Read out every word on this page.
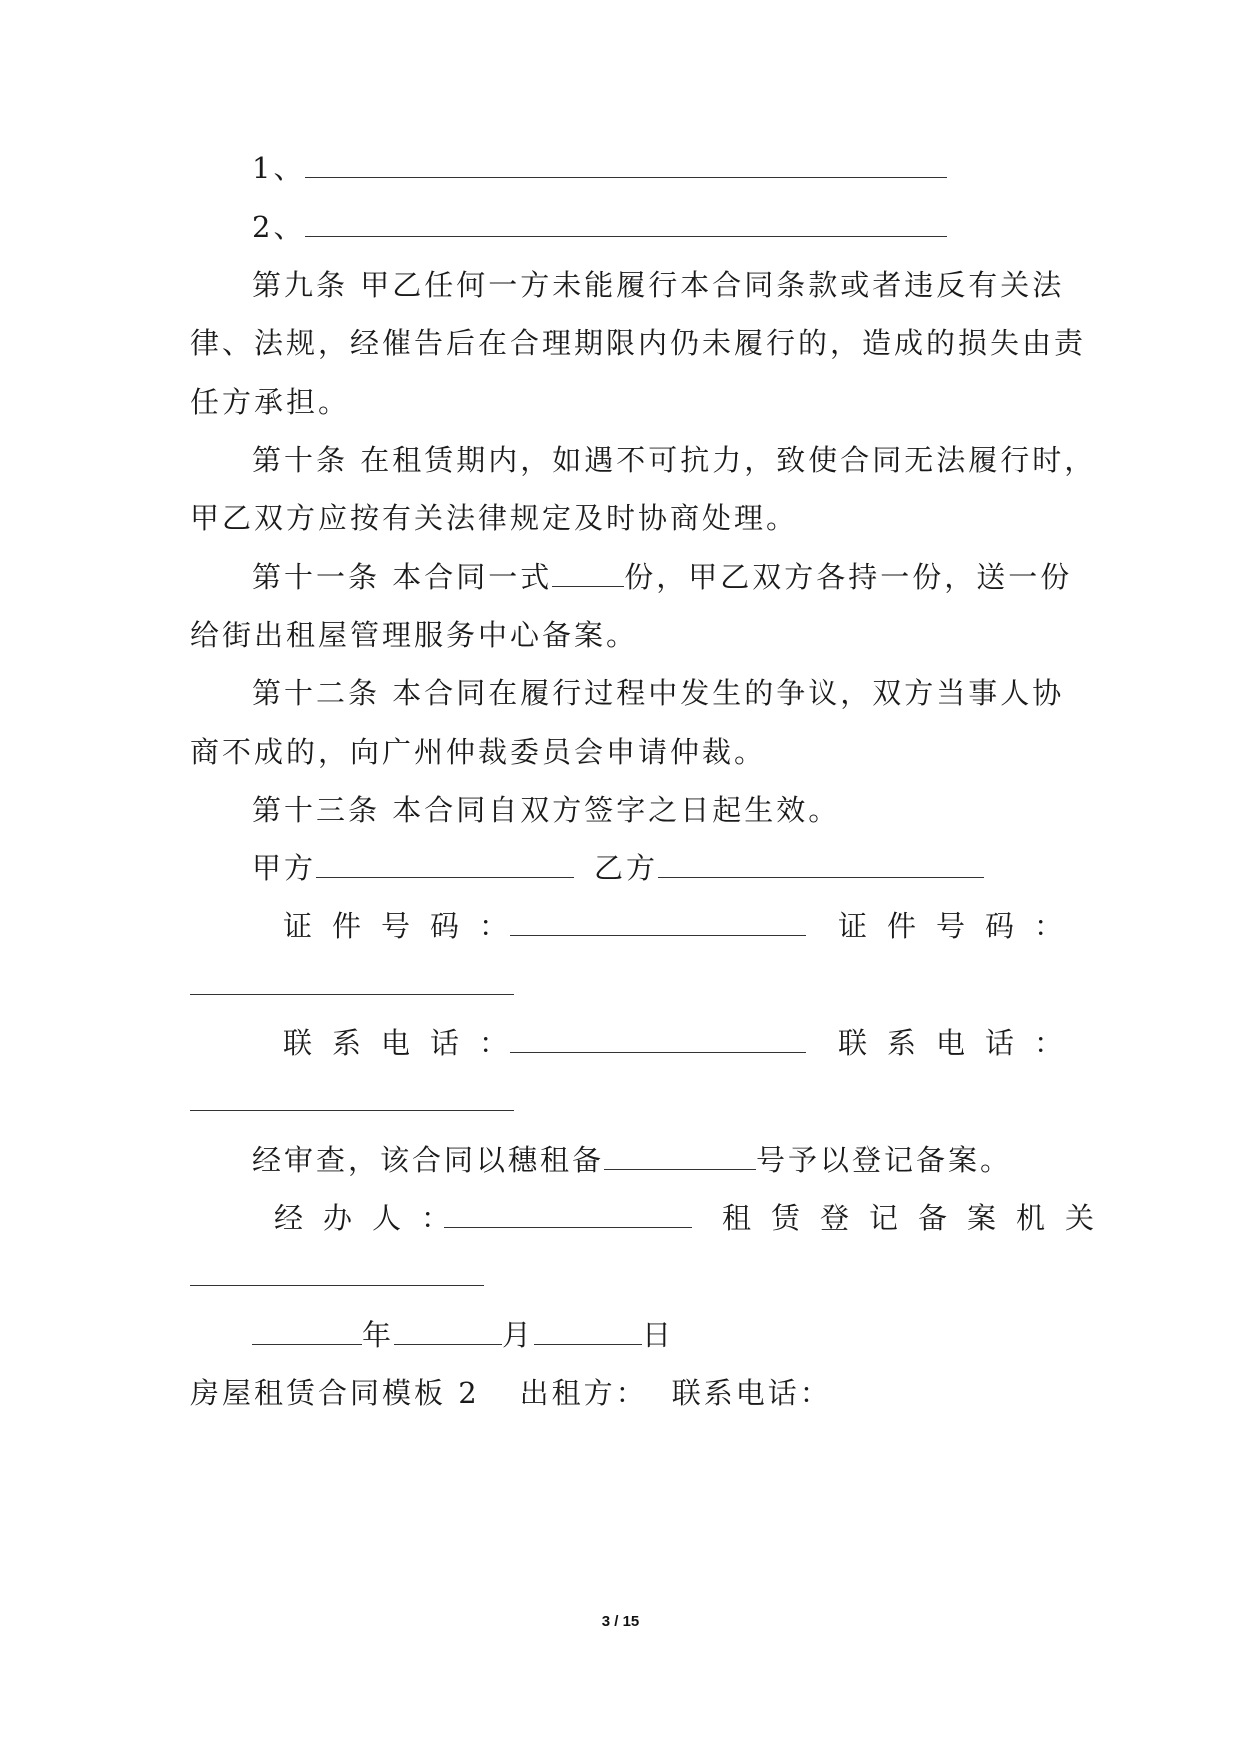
1、
2、
第九条 甲乙任何一方未能履行本合同条款或者违反有关法
律、法规，经催告后在合理期限内仍未履行的，造成的损失由责
任方承担。
第十条 在租赁期内，如遇不可抗力，致使合同无法履行时，
甲乙双方应按有关法律规定及时协商处理。
第十一条 本合同一式 份，甲乙双方各持一份，送一份
给街出租屋管理服务中心备案。
第十二条 本合同在履行过程中发生的争议，双方当事人协
商不成的，向广州仲裁委员会申请仲裁。
第十三条 本合同自双方签字之日起生效。
甲方	乙方
证件号码：	证件号码：
联系电话：	联系电话：
经审查，该合同以穗租备	号予以登记备案。
经办人：	租赁登记备案机关
年	月	日
房屋租赁合同模板 2 出租方： 联系电话：
3 / 15
